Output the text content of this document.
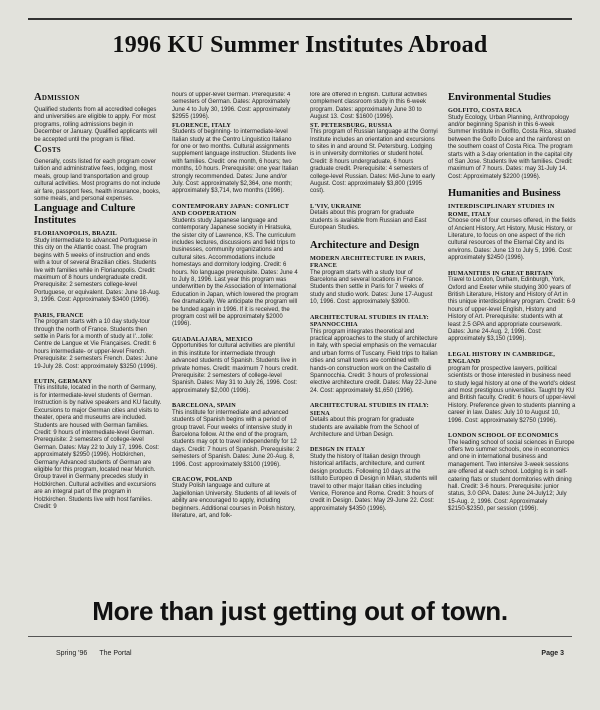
1996 KU Summer Institutes Abroad
Admission

Qualified students from all accredited colleges and universities are eligible to apply. For most programs, rolling admissions begin in December or January. Qualified applicants will be accepted until the program is filled.

Costs

Generally, costs listed for each program cover tuition and administrative fees, lodging, most meals, group land transportation and group cultural activities. Most programs do not include air fare, passport fees, health insurance, books, some meals, and personal expenses.

Language and Culture Institutes
FLORIANOPOLIS, BRAZIL

Study intermediate to advanced Portuguese in this city on the Atlantic coast. The program begins with 5 weeks of instruction and ends with a tour of several Brazilian cities. Students live with families while in Florianopolis. Credit: maximum of 8 hours undergraduate credit. Prerequisite: 2 semesters college-level Portuguese, or equivalent. Dates: June 18-Aug. 3, 1996. Cost: Approximately $3400 (1996).

PARIS, FRANCE

The program starts with a 10 day study-tour through the north of France. Students then settle in Paris for a month of study at I'...tolle: Centre de Langue et Vie Françaises. Credit: 6 hours intermediate- or upper-level French. Prerequisite: 2 semesters French. Dates: June 19-July 28. Cost: approximately $3250 (1996).

EUTIN, GERMANY

This institute, located in the north of Germany, is for intermediate-level students of German. Instruction is by native speakers and KU faculty. Excursions to major German cities and visits to theater, opera and museums are included. Students are housed with German families. Credit: 9 hours of intermediate-level German. Prerequisite: 2 semesters of college-level German. Dates: May 22 to July 17, 1996. Cost: approximately $2950 (1996). Holzkirchen, Germany Advanced students of German are eligible for this program, located near Munich. Group travel in Germany precedes study in Holzkirchen. Cultural activities and excursions are an integral part of the program in Holzkirchen. Students live with host families. Credit: 9

hours of upper-level German. Prerequisite: 4 semesters of German. Dates: Approximately June 4 to July 30, 1996. Cost: approximately $2955 (1996).

FLORENCE, ITALY

Students of beginning- to intermediate-level Italian study at the Centro Linguistico Italiano for one or two months. Cultural assignments supplement language instruction. Students live with families. Credit: one month, 6 hours; two months, 10 hours. Prerequisite: one year Italian strongly recommended. Dates: June and/or July. Cost: approximately $2,364, one month; approximately $3,714, two months (1996).

CONTEMPORARY JAPAN: CONFLICT AND COOPERATION

Students study Japanese language and contemporary Japanese society in Hiratsuka, the sister city of Lawrence, KS. The curriculum includes lectures, discussions and field trips to businesses, community organizations and cultural sites. Accommodations include homestays and dormitory lodging. Credit: 6 hours. No language prerequisite. Dates: June 4 to July 8, 1996. Last year this program was underwritten by the Association of International Education in Japan, which lowered the program fee dramatically. We anticipate the program will be funded again in 1996. If it is received, the program cost will be approximately $2000 (1996).

GUADALAJARA, MEXICO

Opportunities for cultural activities are plentiful in this institute for intermediate through advanced students of Spanish. Students live in private homes. Credit: maximum 7 hours credit. Prerequisite: 2 semesters of college-level Spanish. Dates: May 31 to July 26, 1996. Cost: approximately $2,000 (1996).

BARCELONA, SPAIN

This institute for intermediate and advanced students of Spanish begins with a period of group travel. Four weeks of intensive study in Barcelona follow. At the end of the program, students may opt to travel independently for 12 days. Credit: 7 hours of Spanish. Prerequisite: 2 semesters of Spanish. Dates: June 20-Aug. 8, 1996. Cost: approximately $3100 (1996).

CRACOW, POLAND

Study Polish language and culture at Jagiellonian University. Students of all levels of ability are encouraged to apply, including beginners. Additional courses in Polish history, literature, art, and folk-

lore are offered in English. Cultural activities complement classroom study in this 6-week program. Dates: approximately June 30 to August 13. Cost: $1600 (1996).

ST. PETERSBURG, RUSSIA

This program of Russian language at the Gornyi Institute includes an orientation and excursions to sites in and around St. Petersburg. Lodging is in university dormitories or student hotel. Credit: 8 hours undergraduate, 6 hours graduate credit. Prerequisite: 4 semesters of college-level Russian. Dates: Mid-June to early August. Cost: approximately $3,800 (1995 cost).

L'VIV, UKRAINE

Details about this program for graduate students is available from Russian and East European Studies.

Architecture and Design
MODERN ARCHITECTURE IN PARIS, FRANCE

The program starts with a study tour of Barcelona and several locations in France. Students then settle in Paris for 7 weeks of study and studio work. Dates: June 17-August 10, 1996. Cost: approximately $3900.

ARCHITECTURAL STUDIES IN ITALY: SPANNOCCHIA

This program integrates theoretical and practical approaches to the study of architecture in Italy, with special emphasis on the vernacular and urban forms of Tuscany. Field trips to Italian cities and small towns are combined with hands-on construction work on the Castello di Spannocchia. Credit: 3 hours of professional elective architecture credit. Dates: May 22-June 24. Cost: approximately $1,650 (1996).

ARCHITECTURAL STUDIES IN ITALY: SIENA

Details about this program for graduate students are available from the School of Architecture and Urban Design.

DESIGN IN ITALY

Study the history of Italian design through historical artifacts, architecture, and current design products. Following 10 days at the Istituto Europeo di Design in Milan, students will travel to other major Italian cities including Venice, Florence and Rome. Credit: 3 hours of credit in Design. Dates: May 29-June 22. Cost: approximately $4350 (1996).

Environmental Studies
GOLFITO, COSTA RICA

Study Ecology, Urban Planning, Anthropology and/or beginning Spanish in this 6-week Summer Institute in Golfito, Costa Rica, situated between the Golfo Dulce and the rainforest on the southern coast of Costa Rica. The program starts with a 3-day orientation in the capital city of San Jose. Students live with families. Credit: maximum of 7 hours. Dates: may 31-July 14. Cost: Approximately $2200 (1996).

Humanities and Business
INTERDISCIPLINARY STUDIES IN ROME, ITALY

Choose one of four courses offered, in the fields of Ancient History, Art History, Music History, or Literature, to focus on one aspect of the rich cultural resources of the Eternal City and its environs. Dates: June 13 to July 5, 1996. Cost: approximately $2450 (1996).

HUMANITIES IN GREAT BRITAIN

Travel to London, Durham, Edinburgh, York, Oxford and Exeter while studying 300 years of British Literature, History and History of Art in this unique interdisciplinary program. Credit: 6-9 hours of upper-level English, History and History of Art. Prerequisite: students with at least 2.5 GPA and appropriate coursework. Dates: June 24-Aug. 2, 1996. Cost: approximately $3,150 (1996).

LEGAL HISTORY IN CAMBRIDGE, ENGLAND

program for prospective lawyers, political scientists or those interested in business need to study legal history at one of the world's oldest and most prestigious universities. Taught by KU and British faculty. Credit: 6 hours of upper-level History. Preference given to students planning a career in law. Dates: July 10 to August 10, 1996. Cost: approximately $2750 (1996).

LONDON SCHOOL OF ECONOMICS

The leading school of social sciences in Europe offers two summer schools, one in economics and one in international business and management. Two intensive 3-week sessions are offered at each school. Lodging is in self-catering flats or student dormitories with dining hall. Credit: 3-6 hours. Prerequisite: junior status, 3.0 GPA. Dates: June 24-July12; July 15-Aug. 2, 1996. Cost: Approximately $2150-$2350, per session (1996).

More than just getting out of town.
Spring '96 The Portal	Page 3
